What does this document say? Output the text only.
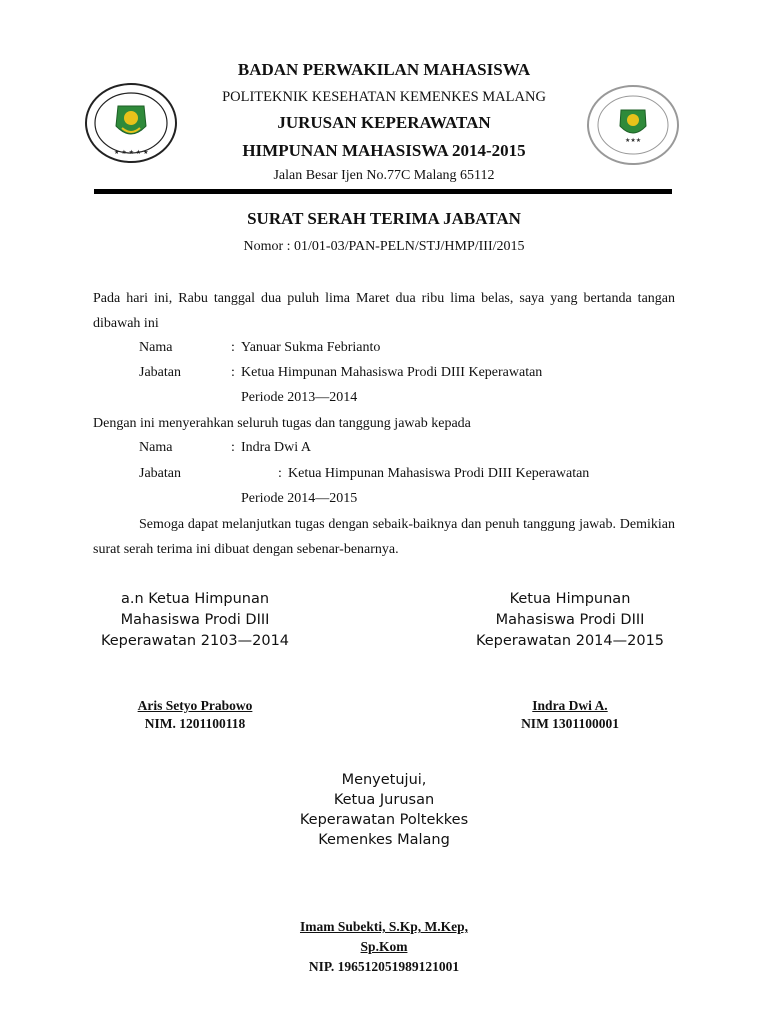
★ ★ ★ ★ ★
★★★
BADAN PERWAKILAN MAHASISWA
POLITEKNIK KESEHATAN KEMENKES MALANG
JURUSAN KEPERAWATAN
HIMPUNAN MAHASISWA 2014-2015
Jalan Besar Ijen No.77C Malang 65112
SURAT SERAH TERIMA JABATAN
Nomor : 01/01-03/PAN-PELN/STJ/HMP/III/2015
Pada hari ini, Rabu tanggal dua puluh lima Maret dua ribu lima belas, saya yang bertanda tangan dibawah ini
Nama	: Yanuar Sukma Febrianto
Jabatan	: Ketua Himpunan Mahasiswa Prodi DIII Keperawatan
Periode 2013—2014
Dengan ini menyerahkan seluruh tugas dan tanggung jawab kepada
Nama	: Indra Dwi A
Jabatan	: Ketua Himpunan Mahasiswa Prodi DIII Keperawatan
Periode 2014—2015
Semoga dapat melanjutkan tugas dengan sebaik-baiknya dan penuh tanggung jawab. Demikian surat serah terima ini dibuat dengan sebenar-benarnya.
a.n Ketua Himpunan
Mahasiswa Prodi DIII
Keperawatan 2103—2014
Ketua Himpunan
Mahasiswa Prodi DIII
Keperawatan 2014—2015
Aris Setyo Prabowo
NIM. 1201100118
Indra Dwi A.
NIM 1301100001
Menyetujui,
Ketua Jurusan
Keperawatan Poltekkes
Kemenkes Malang
Imam Subekti, S.Kp, M.Kep,
Sp.Kom
NIP. 196512051989121001
